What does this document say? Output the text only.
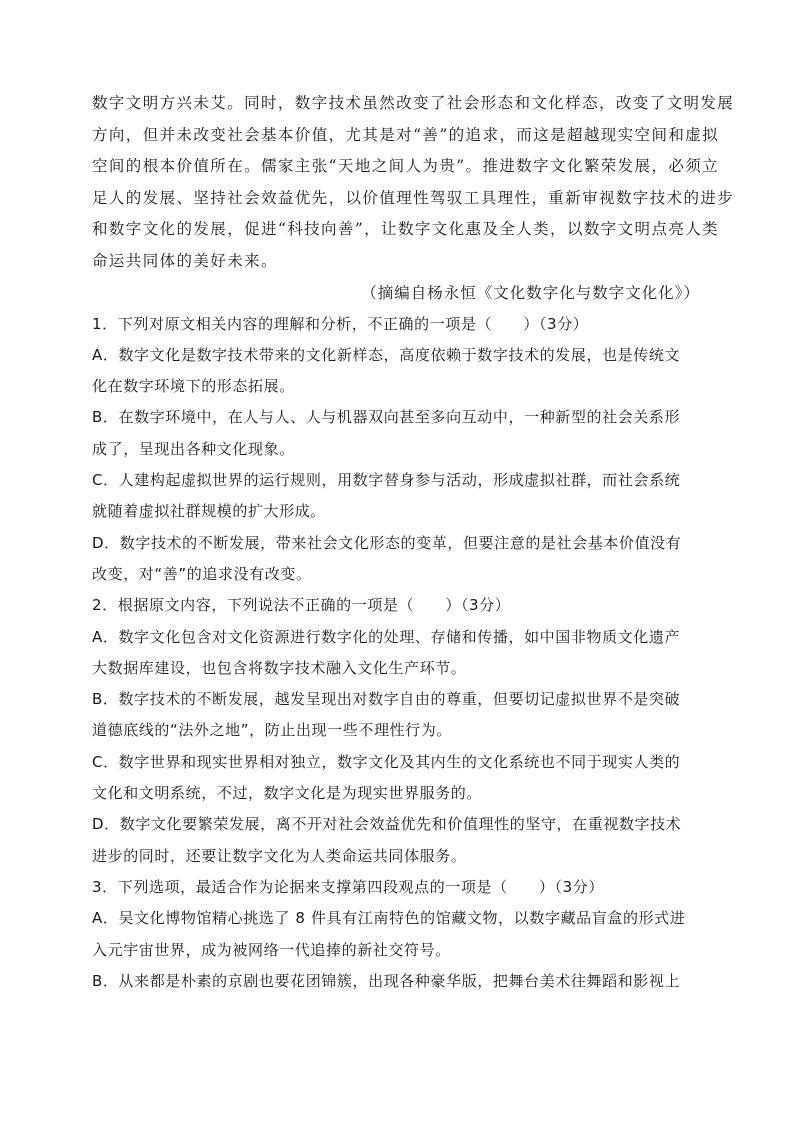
数字文明方兴未艾。同时，数字技术虽然改变了社会形态和文化样态，改变了文明发展

方向，但并未改变社会基本价值，尤其是对“善”的追求，而这是超越现实空间和虚拟

空间的根本价值所在。儒家主张“天地之间人为贵”。推进数字文化繁荣发展，必须立

足人的发展、坚持社会效益优先，以价值理性驾驭工具理性，重新审视数字技术的进步

和数字文化的发展，促进“科技向善”，让数字文化惠及全人类，以数字文明点亮人类

命运共同体的美好未来。

（摘编自杨永恒《文化数字化与数字文化化》）

1．下列对原文相关内容的理解和分析，不正确的一项是（　　）（3分）

A．数字文化是数字技术带来的文化新样态，高度依赖于数字技术的发展，也是传统文

化在数字环境下的形态拓展。

B．在数字环境中，在人与人、人与机器双向甚至多向互动中，一种新型的社会关系形

成了，呈现出各种文化现象。

C．人建构起虚拟世界的运行规则，用数字替身参与活动，形成虚拟社群，而社会系统

就随着虚拟社群规模的扩大形成。

D．数字技术的不断发展，带来社会文化形态的变革，但要注意的是社会基本价值没有

改变，对“善”的追求没有改变。

2．根据原文内容，下列说法不正确的一项是（　　）（3分）

A．数字文化包含对文化资源进行数字化的处理、存储和传播，如中国非物质文化遗产

大数据库建设，也包含将数字技术融入文化生产环节。

B．数字技术的不断发展，越发呈现出对数字自由的尊重，但要切记虚拟世界不是突破

道德底线的“法外之地”，防止出现一些不理性行为。

C．数字世界和现实世界相对独立，数字文化及其内生的文化系统也不同于现实人类的

文化和文明系统，不过，数字文化是为现实世界服务的。

D．数字文化要繁荣发展，离不开对社会效益优先和价值理性的坚守，在重视数字技术

进步的同时，还要让数字文化为人类命运共同体服务。

3．下列选项，最适合作为论据来支撑第四段观点的一项是（　　）（3分）

A．吴文化博物馆精心挑选了 8 件具有江南特色的馆藏文物，以数字藏品盲盒的形式进

入元宇宙世界，成为被网络一代追捧的新社交符号。

B．从来都是朴素的京剧也要花团锦簇，出现各种豪华版，把舞台美术往舞蹈和影视上
